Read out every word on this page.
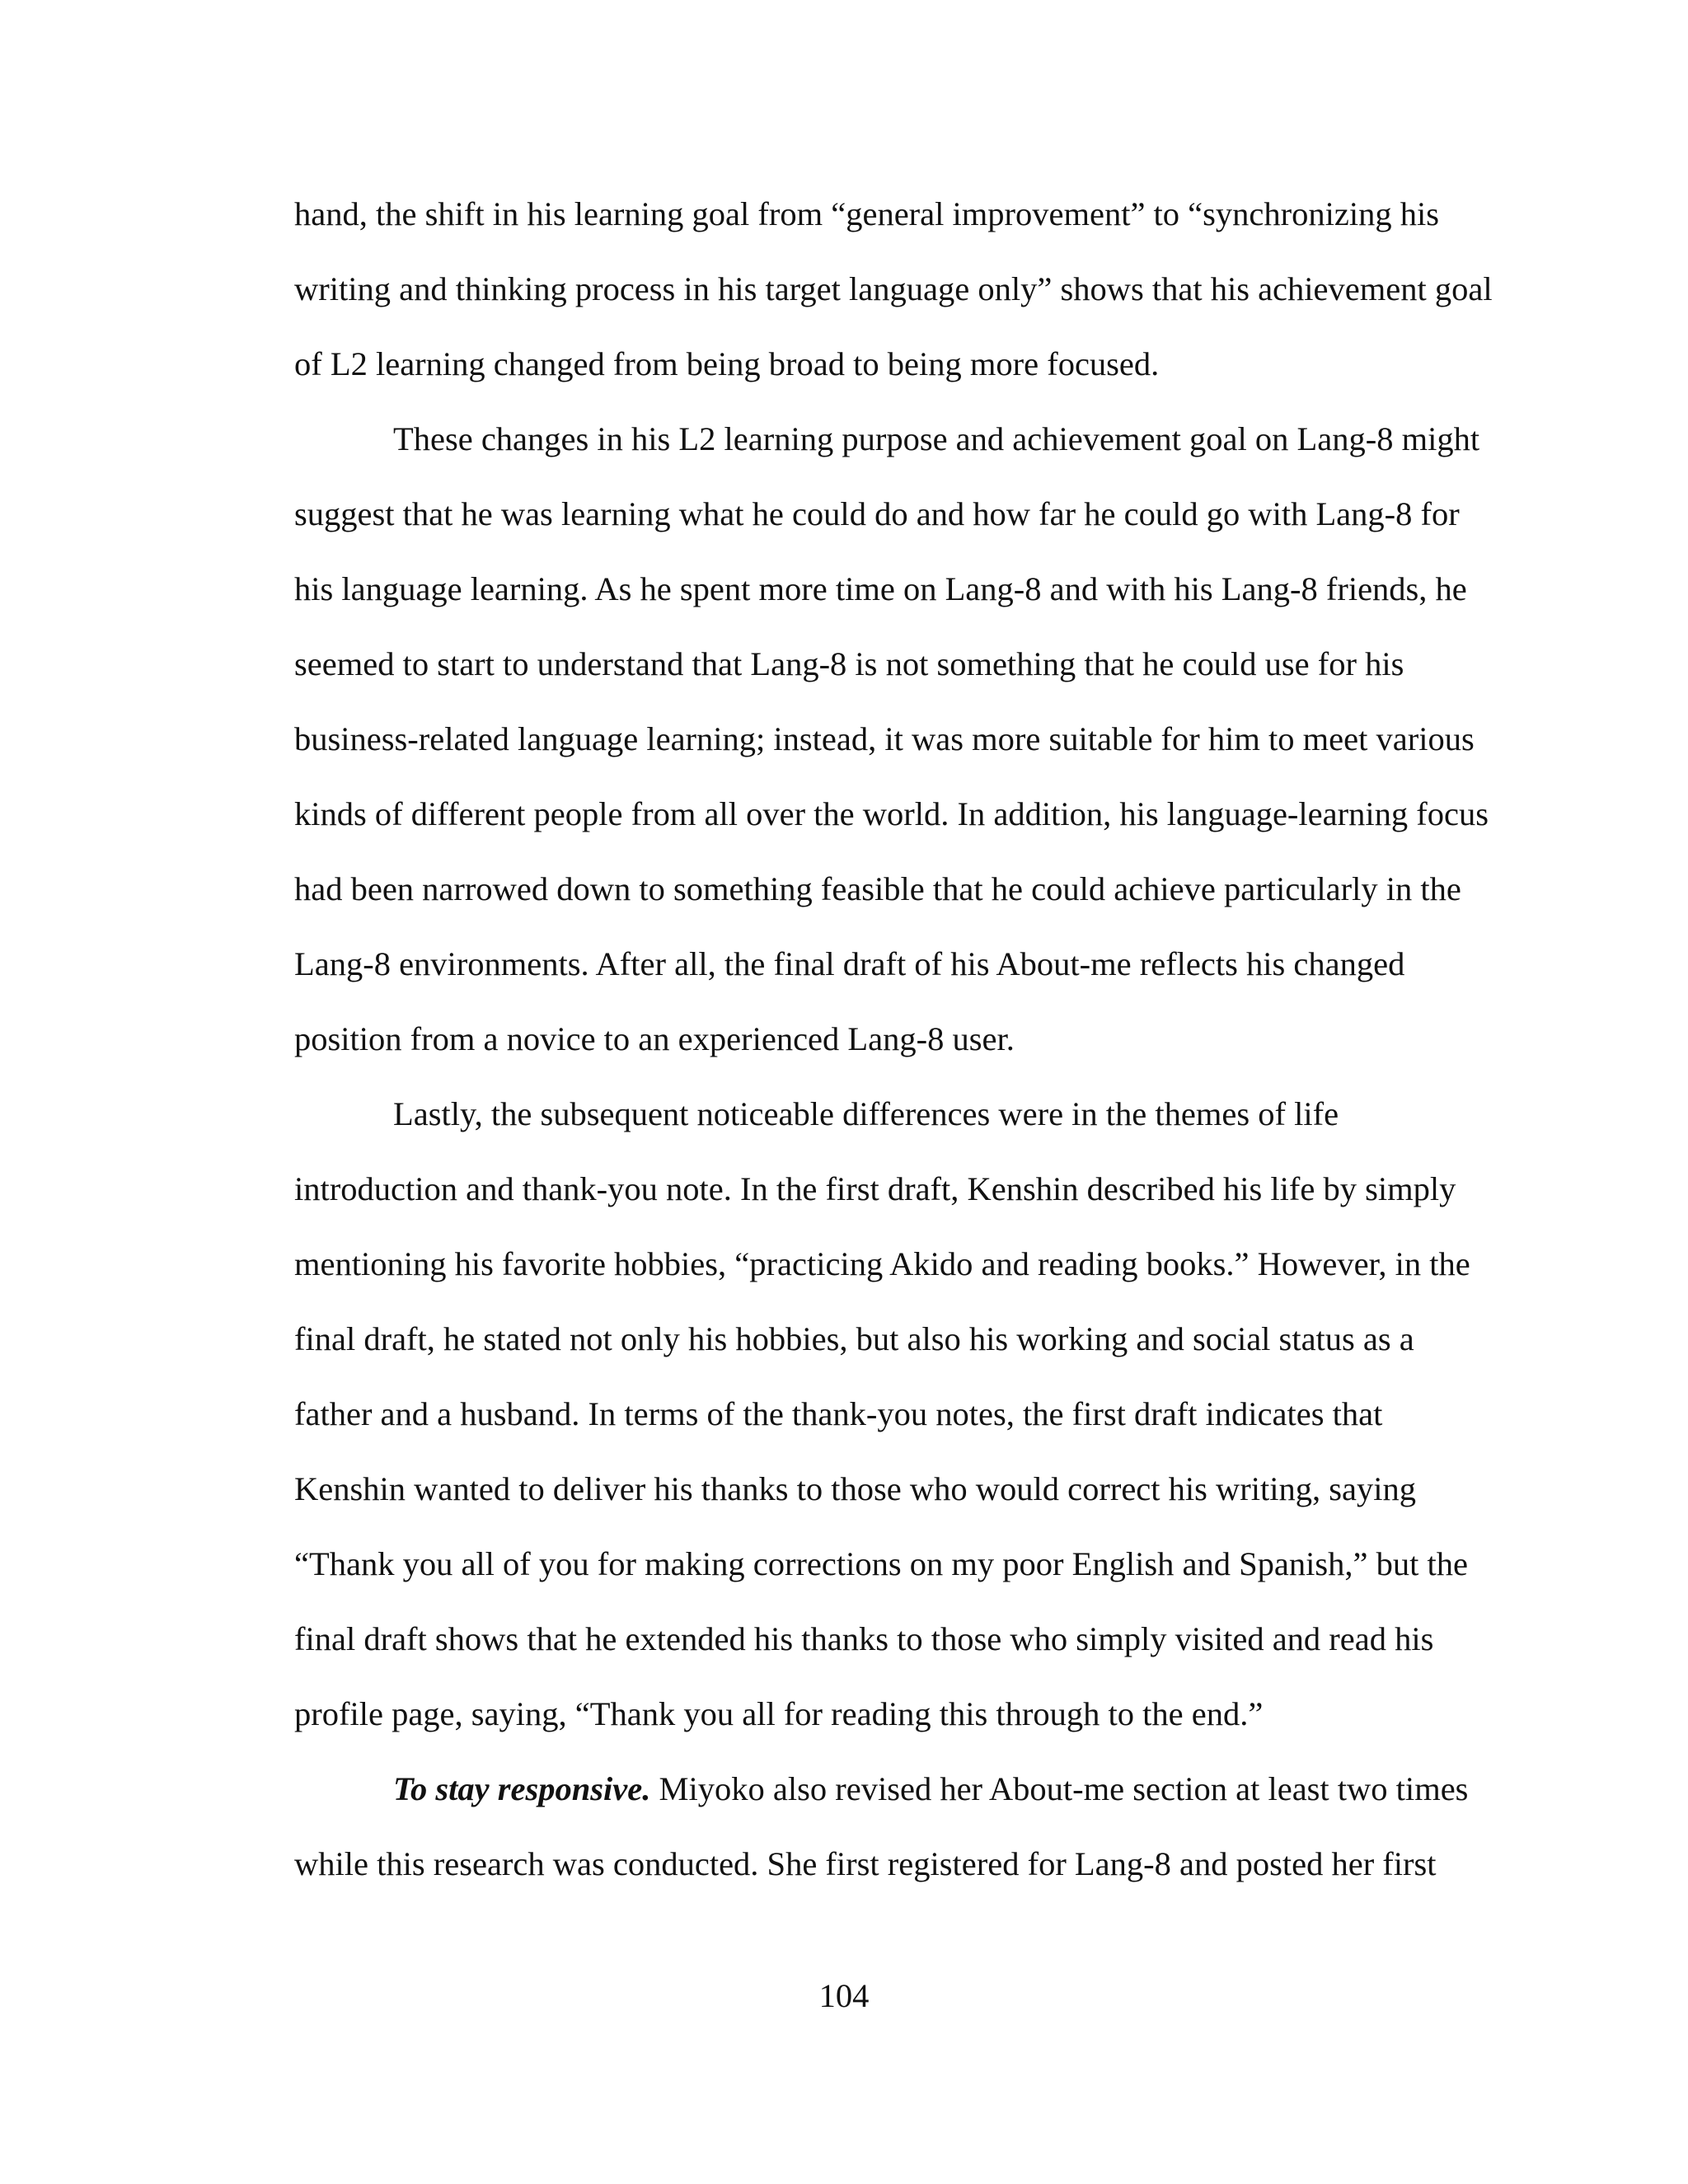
hand, the shift in his learning goal from “general improvement” to “synchronizing his
writing and thinking process in his target language only” shows that his achievement goal
of L2 learning changed from being broad to being more focused.
These changes in his L2 learning purpose and achievement goal on Lang-8 might
suggest that he was learning what he could do and how far he could go with Lang-8 for
his language learning. As he spent more time on Lang-8 and with his Lang-8 friends, he
seemed to start to understand that Lang-8 is not something that he could use for his
business-related language learning; instead, it was more suitable for him to meet various
kinds of different people from all over the world. In addition, his language-learning focus
had been narrowed down to something feasible that he could achieve particularly in the
Lang-8 environments. After all, the final draft of his About-me reflects his changed
position from a novice to an experienced Lang-8 user.
Lastly, the subsequent noticeable differences were in the themes of life
introduction and thank-you note. In the first draft, Kenshin described his life by simply
mentioning his favorite hobbies, “practicing Akido and reading books.” However, in the
final draft, he stated not only his hobbies, but also his working and social status as a
father and a husband. In terms of the thank-you notes, the first draft indicates that
Kenshin wanted to deliver his thanks to those who would correct his writing, saying
“Thank you all of you for making corrections on my poor English and Spanish,” but the
final draft shows that he extended his thanks to those who simply visited and read his
profile page, saying, “Thank you all for reading this through to the end.”
To stay responsive. Miyoko also revised her About-me section at least two times
while this research was conducted. She first registered for Lang-8 and posted her first
104
